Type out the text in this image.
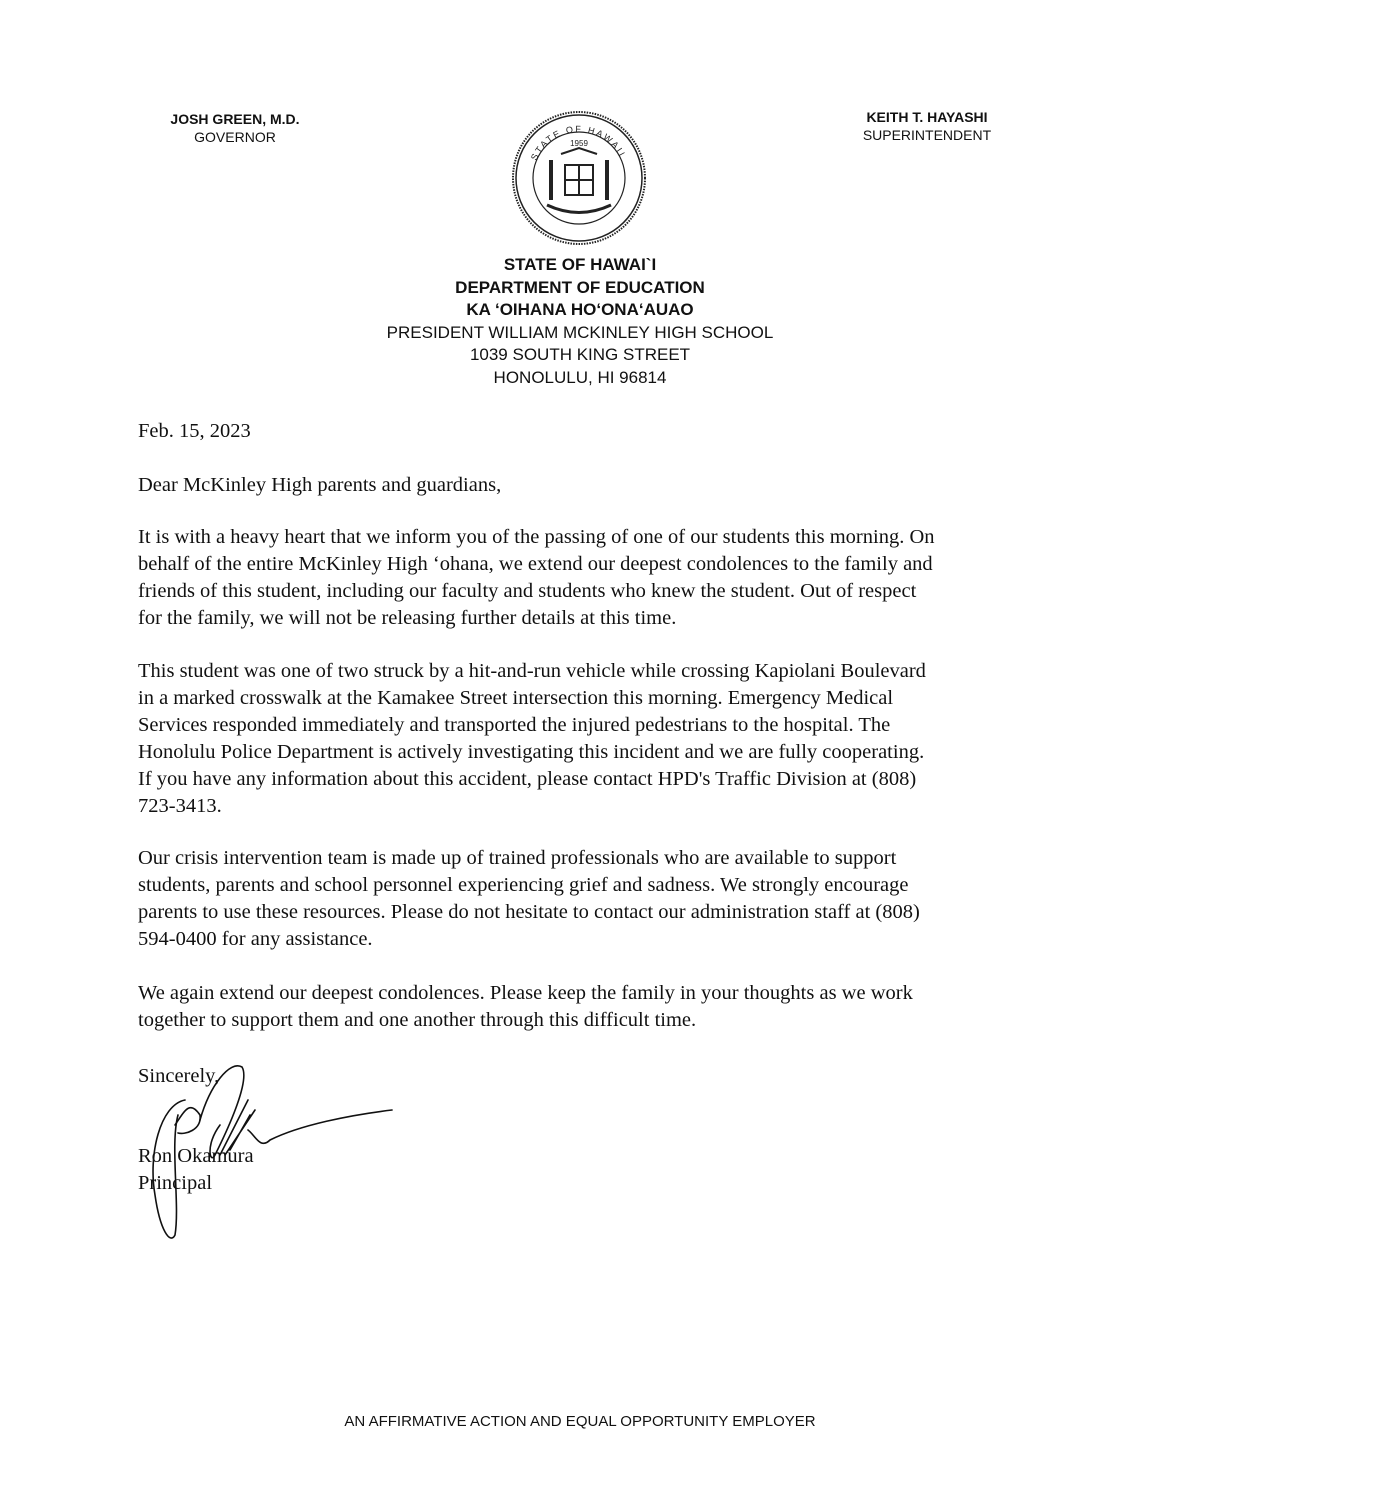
JOSH GREEN, M.D.
GOVERNOR
STATE OF HAWAII
1959
KEITH T. HAYASHI
SUPERINTENDENT
STATE OF HAWAI`I
DEPARTMENT OF EDUCATION
KA ‘OIHANA HO‘ONA‘AUAO
PRESIDENT WILLIAM MCKINLEY HIGH SCHOOL
1039 SOUTH KING STREET
HONOLULU, HI 96814
Feb. 15, 2023
Dear McKinley High parents and guardians,
It is with a heavy heart that we inform you of the passing of one of our students this morning. On
behalf of the entire McKinley High ‘ohana, we extend our deepest condolences to the family and
friends of this student, including our faculty and students who knew the student. Out of respect
for the family, we will not be releasing further details at this time.
This student was one of two struck by a hit-and-run vehicle while crossing Kapiolani Boulevard
in a marked crosswalk at the Kamakee Street intersection this morning. Emergency Medical
Services responded immediately and transported the injured pedestrians to the hospital. The
Honolulu Police Department is actively investigating this incident and we are fully cooperating.
If you have any information about this accident, please contact HPD's Traffic Division at (808)
723-3413.
Our crisis intervention team is made up of trained professionals who are available to support
students, parents and school personnel experiencing grief and sadness. We strongly encourage
parents to use these resources. Please do not hesitate to contact our administration staff at (808)
594-0400 for any assistance.
We again extend our deepest condolences. Please keep the family in your thoughts as we work
together to support them and one another through this difficult time.
Sincerely,
Ron Okamura
Principal
AN AFFIRMATIVE ACTION AND EQUAL OPPORTUNITY EMPLOYER
